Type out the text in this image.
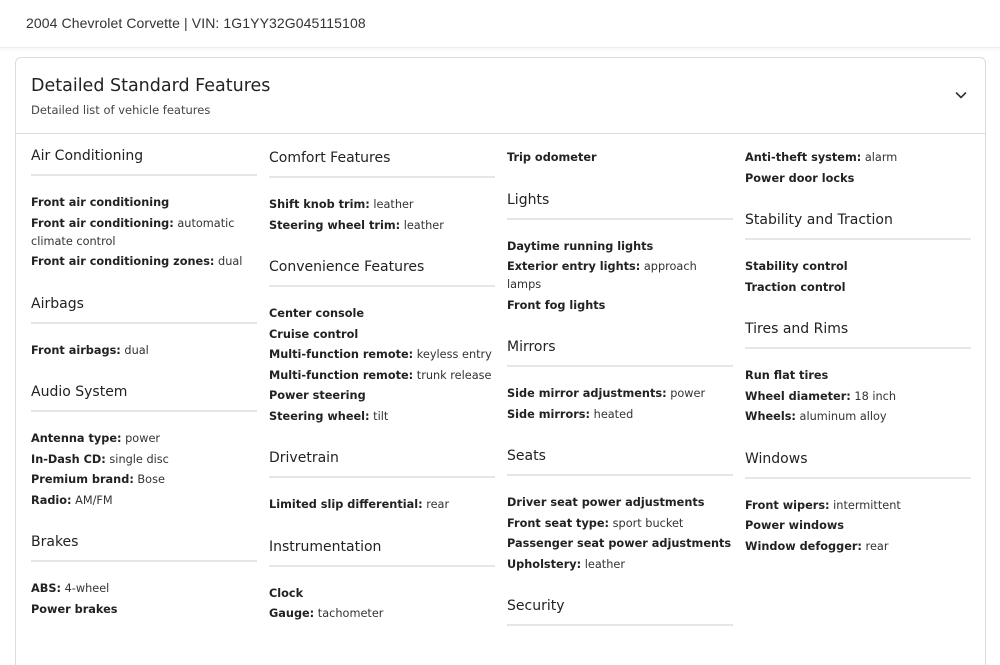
2004 Chevrolet Corvette | VIN: 1G1YY32G045115108
Detailed Standard Features
Detailed list of vehicle features
Air Conditioning
Front air conditioning
Front air conditioning: automatic climate control
Front air conditioning zones: dual
Airbags
Front airbags: dual
Audio System
Antenna type: power
In-Dash CD: single disc
Premium brand: Bose
Radio: AM/FM
Brakes
ABS: 4-wheel
Power brakes
Comfort Features
Shift knob trim: leather
Steering wheel trim: leather
Convenience Features
Center console
Cruise control
Multi-function remote: keyless entry
Multi-function remote: trunk release
Power steering
Steering wheel: tilt
Drivetrain
Limited slip differential: rear
Instrumentation
Clock
Gauge: tachometer
Trip odometer
Lights
Daytime running lights
Exterior entry lights: approach lamps
Front fog lights
Mirrors
Side mirror adjustments: power
Side mirrors: heated
Seats
Driver seat power adjustments
Front seat type: sport bucket
Passenger seat power adjustments
Upholstery: leather
Security
Anti-theft system: alarm
Power door locks
Stability and Traction
Stability control
Traction control
Tires and Rims
Run flat tires
Wheel diameter: 18 inch
Wheels: aluminum alloy
Windows
Front wipers: intermittent
Power windows
Window defogger: rear
